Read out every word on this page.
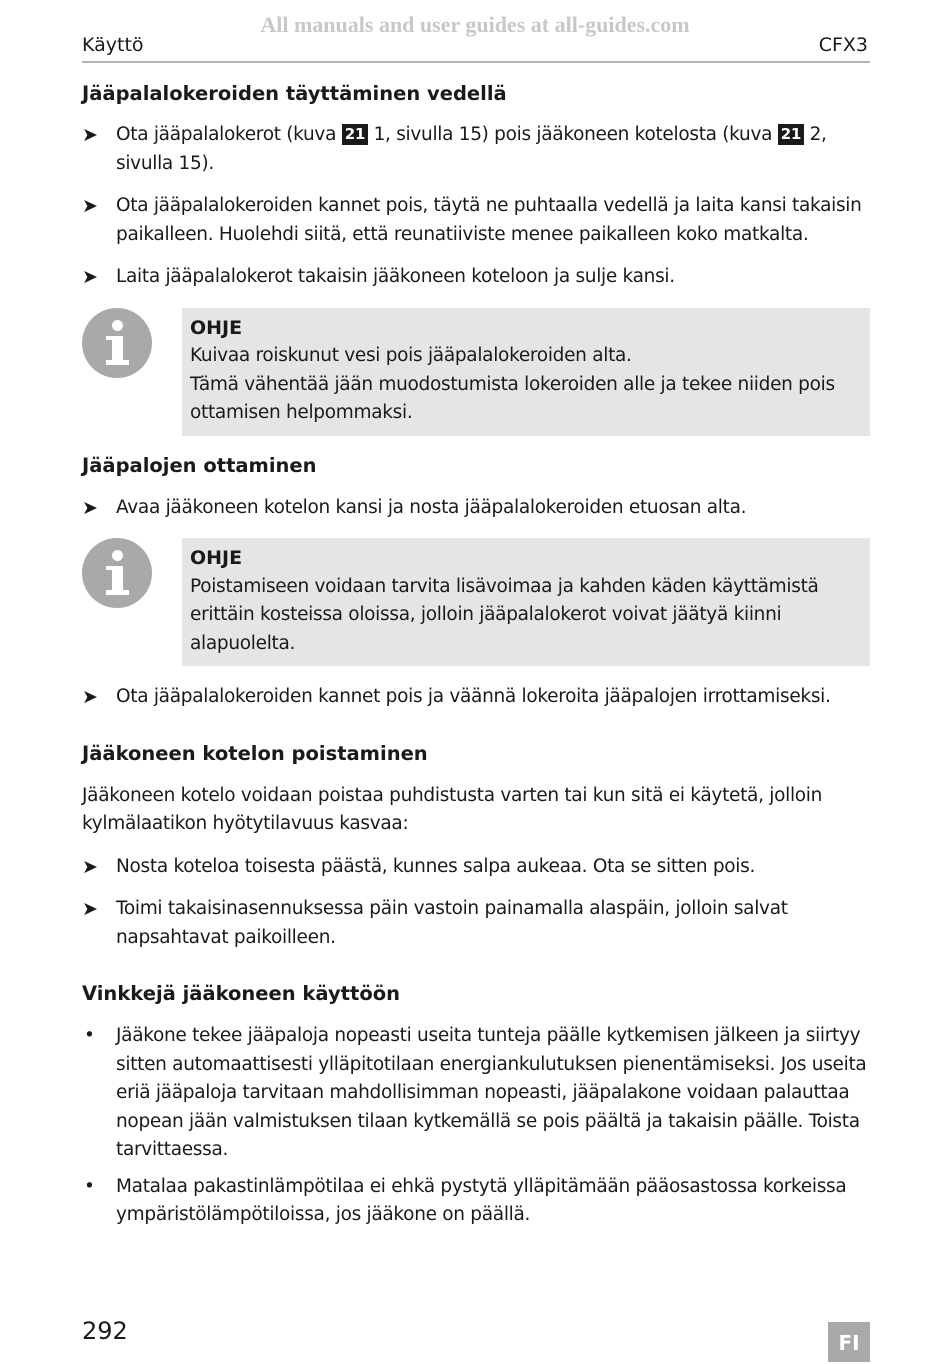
All manuals and user guides at all-guides.com
Käyttö	CFX3
Jääpalalokeroiden täyttäminen vedellä
➤ Ota jääpalalokerot (kuva 21 1, sivulla 15) pois jääkoneen kotelosta (kuva 21 2, sivulla 15).
➤ Ota jääpalalokeroiden kannet pois, täytä ne puhtaalla vedellä ja laita kansi takaisin paikalleen. Huolehdi siitä, että reunatiiviste menee paikalleen koko matkalta.
➤ Laita jääpalalokerot takaisin jääkoneen koteloon ja sulje kansi.
OHJE
Kuivaa roiskunut vesi pois jääpalalokeroiden alta.
Tämä vähentää jään muodostumista lokeroiden alle ja tekee niiden pois ottamisen helpommaksi.
Jääpalojen ottaminen
➤ Avaa jääkoneen kotelon kansi ja nosta jääpalalokeroiden etuosan alta.
OHJE
Poistamiseen voidaan tarvita lisävoimaa ja kahden käden käyttämistä erittäin kosteissa oloissa, jolloin jääpalalokerot voivat jäätyä kiinni alapuolelta.
➤ Ota jääpalalokeroiden kannet pois ja väännä lokeroita jääpalojen irrottamiseksi.
Jääkoneen kotelon poistaminen
Jääkoneen kotelo voidaan poistaa puhdistusta varten tai kun sitä ei käytetä, jolloin kylmälaatikon hyötytilavuus kasvaa:
➤ Nosta koteloa toisesta päästä, kunnes salpa aukeaa. Ota se sitten pois.
➤ Toimi takaisinasennuksessa päin vastoin painamalla alaspäin, jolloin salvat napsahtavat paikoilleen.
Vinkkejä jääkoneen käyttöön
• Jääkone tekee jääpaloja nopeasti useita tunteja päälle kytkemisen jälkeen ja siirtyy sitten automaattisesti ylläpitotilaan energiankulutuksen pienentämiseksi. Jos useita eriä jääpaloja tarvitaan mahdollisimman nopeasti, jääpalakone voidaan palauttaa nopean jään valmistuksen tilaan kytkemällä se pois päältä ja takaisin päälle. Toista tarvittaessa.
• Matalaa pakastinlämpötilaa ei ehkä pystytä ylläpitämään pääosastossa korkeissa ympäristölämpötiloissa, jos jääkone on päällä.
292	FI
